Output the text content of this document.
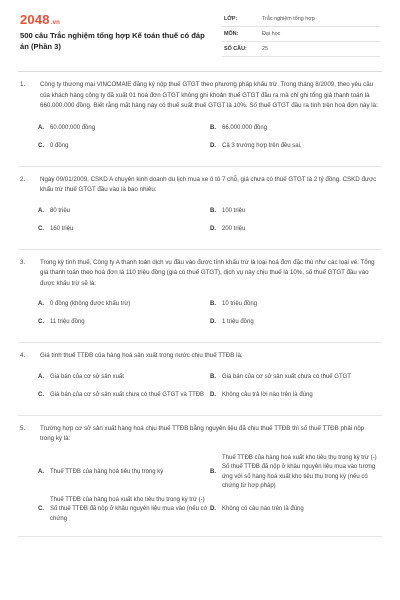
2048.vn
500 câu Trắc nghiệm tổng hợp Kế toán thuế có đáp án (Phần 3)
LỚP:	Trắc nghiệm tổng hợp
MÔN:	Đại học
SỐ CÂU:	25
1. Công ty thương mại VINCOMAIE đăng ký nộp thuế GTGT theo phương pháp khấu trừ. Trong tháng 8/2009, theo yêu cầu của khách hàng công ty đã xuất 01 hoá đơn GTGT không ghi khoản thuế GTGT đầu ra mà chỉ ghi tổng giá thanh toán là 660.000.000 đồng. Biết rằng mặt hàng này có thuế suất thuế GTGT là 10%. Số thuế GTGT đầu ra tính trên hoá đơn này là:
A. 60.000.000 đồng	B. 66.000.000 đồng
C. 0 đồng	D. Cả 3 trường hợp trên đều sai.
2. Ngày 09/01/2009, CSKD A chuyên kinh doanh du lịch mua xe ô tô 7 chỗ, giá chưa có thuế GTGT là 2 tỷ đồng. CSKD được khấu trừ thuế GTGT đầu vào là bao nhiêu:
A. 80 triệu	B. 100 triệu
C. 160 triệu	D. 200 triệu
3. Trong kỳ tính thuế, Công ty A thanh toán dịch vụ đầu vào được tính khấu trừ là loại hoá đơn đặc thù như các loại vé. Tổng giá thanh toán theo hoá đơn là 110 triệu đồng (giá có thuế GTGT), dịch vụ này chịu thuế là 10%, số thuế GTGT đầu vào được khấu trừ sẽ là:
A. 0 đồng (không được khấu trừ)	B. 10 triệu đồng
C. 11 triệu đồng	D. 1 triệu đồng
4. Giá tính thuế TTĐB của hàng hoá sản xuất trong nước chịu thuế TTĐB là:
A. Giá bán của cơ sở sản xuất	B. Giá bán của cơ sở sản xuất chưa có thuế GTGT
C. Giá bán của cơ sở sản xuất chưa có thuế GTGT và TTĐB D. Không câu trả lời nào trên là đúng
5. Trường hợp cơ sở sản xuất hàng hoá chịu thuế TTĐB bằng nguyên liệu đã chịu thuế TTĐB thì số thuế TTĐB phải nộp trong kỳ là:
A. Thuế TTĐB của hàng hoá tiêu thụ trong kỳ	B.
Thuế TTĐB của hàng hoá xuất kho tiêu thụ trong kỳ trừ (-) Số thuế TTĐB đã nộp ở khâu nguyên liệu mua vào tương ứng với số hàng hoá xuất kho tiêu thụ trong kỳ (nếu có chứng từ hợp pháp)
C.
Thuế TTĐB của hàng hoá xuất kho tiêu thụ trong kỳ trừ (-) Số thuế TTĐB đã nộp ở khâu nguyên liệu mua vào (nếu có chứng
D. Không có câu nào trên là đúng
